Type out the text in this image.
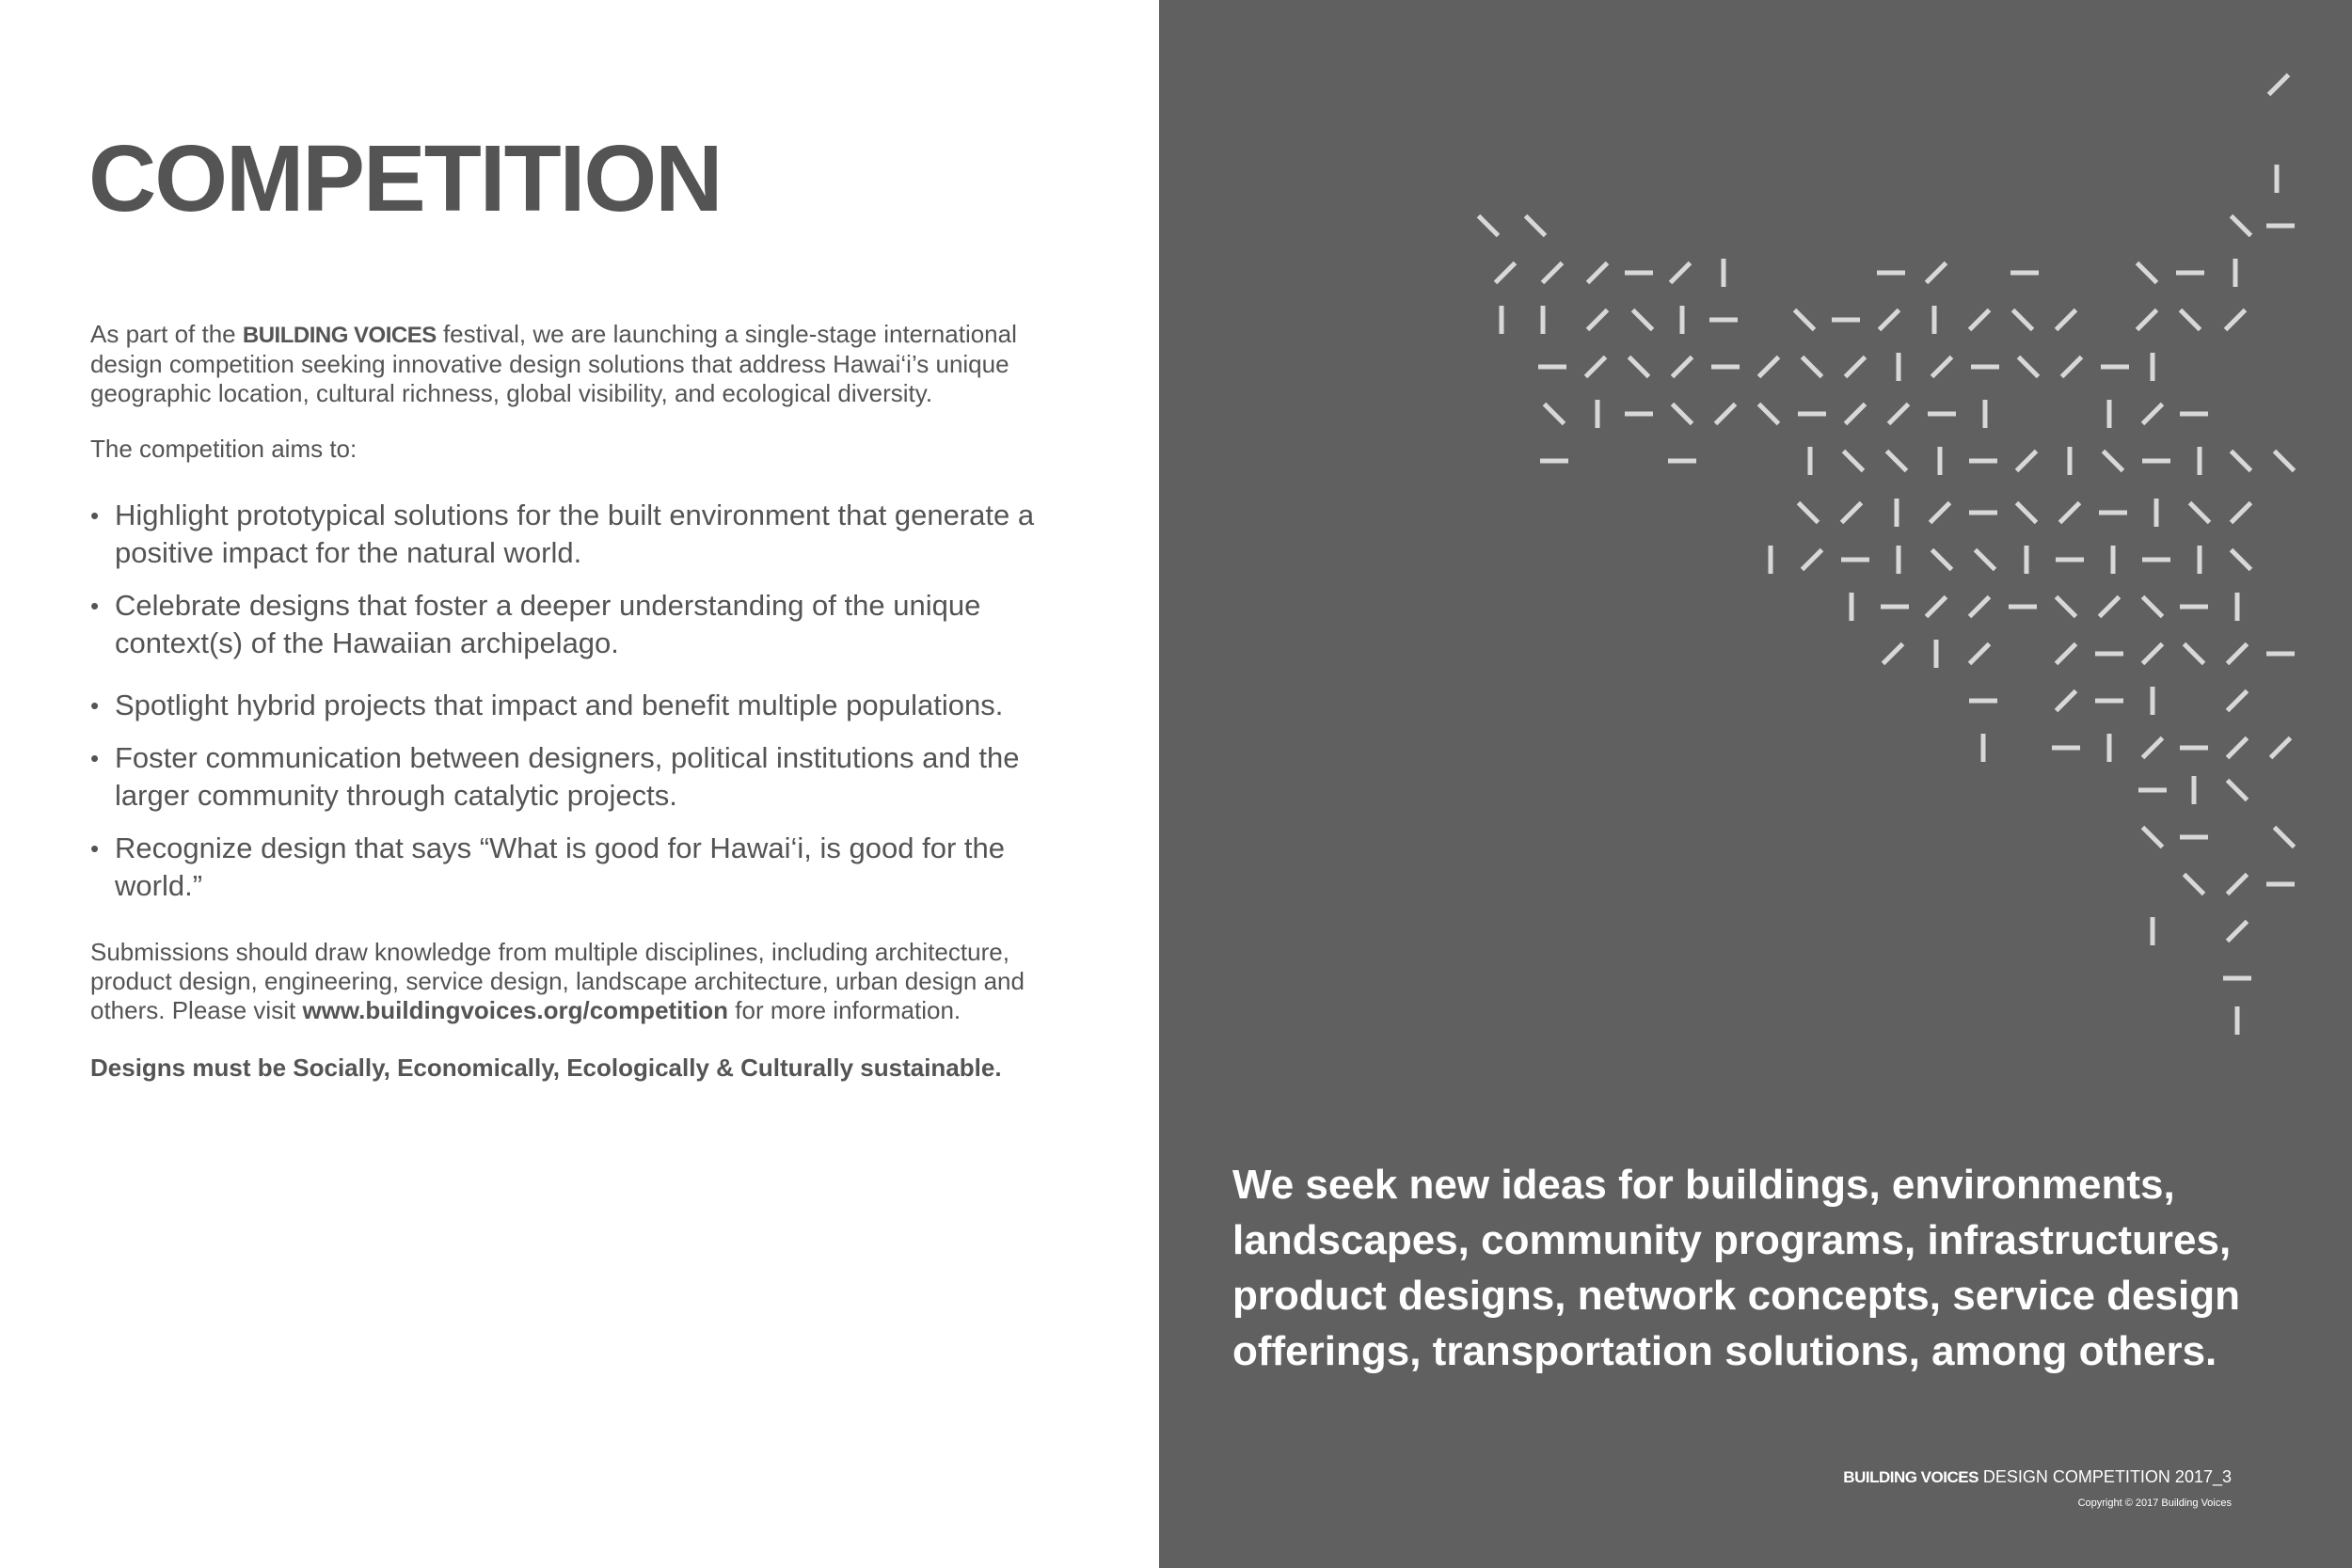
COMPETITION

As part of the BUILDING VOICES festival, we are launching a single-stage international design competition seeking innovative design solutions that address Hawai‘i’s unique geographic location, cultural richness, global visibility, and ecological diversity.

The competition aims to:

• Highlight prototypical solutions for the built environment that generate a positive impact for the natural world.
• Celebrate designs that foster a deeper understanding of the unique context(s) of the Hawaiian archipelago.
• Spotlight hybrid projects that impact and benefit multiple populations.
• Foster communication between designers, political institutions and the larger community through catalytic projects.
• Recognize design that says “What is good for Hawai‘i, is good for the world.”

Submissions should draw knowledge from multiple disciplines, including architecture, product design, engineering, service design, landscape architecture, urban design and others. Please visit www.buildingvoices.org/competition for more information.

Designs must be Socially, Economically, Ecologically & Culturally sustainable.

We seek new ideas for buildings, environments, landscapes, community programs, infrastructures, product designs, network concepts, service design offerings, transportation solutions, among others.

BUILDING VOICES DESIGN COMPETITION 2017_3

Copyright © 2017 Building Voices
